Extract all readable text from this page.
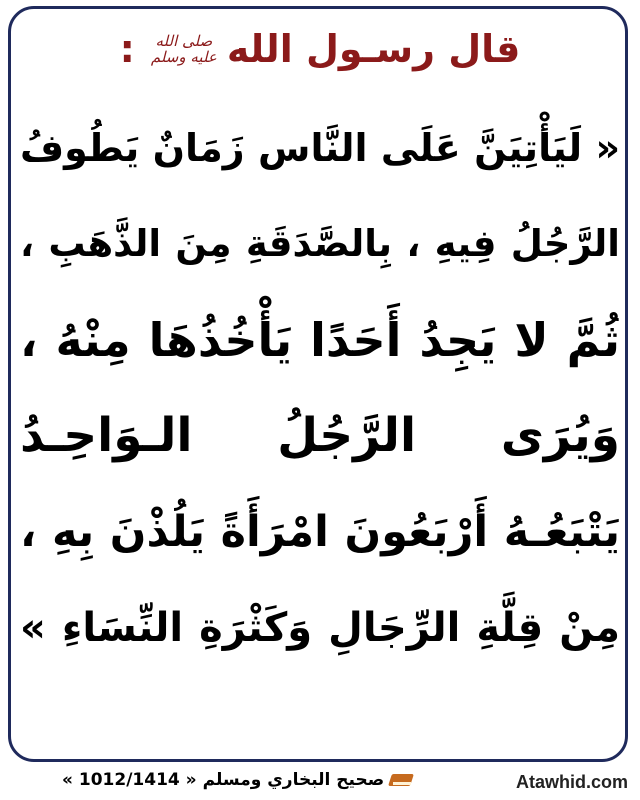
قال رسـول الله
صلى الله عليه وسلم
:
« لَيَأْتِيَنَّ عَلَى النَّاس زَمَانٌ يَطُوفُ
الرَّجُلُ فِيهِ ، بِالصَّدَقَةِ مِنَ الذَّهَبِ ،
ثُمَّ لا يَجِدُ أَحَدًا يَأْخُذُهَا مِنْهُ ،
وَيُرَى الرَّجُلُ الـوَاحِـدُ
يَتْبَعُـهُ أَرْبَعُونَ امْرَأَةً يَلُذْنَ بِهِ ،
مِنْ قِلَّةِ الرِّجَالِ وَكَثْرَةِ النِّسَاءِ »
صحيح البخاري ومسلم
« 1012/1414 »	Atawhid.com
